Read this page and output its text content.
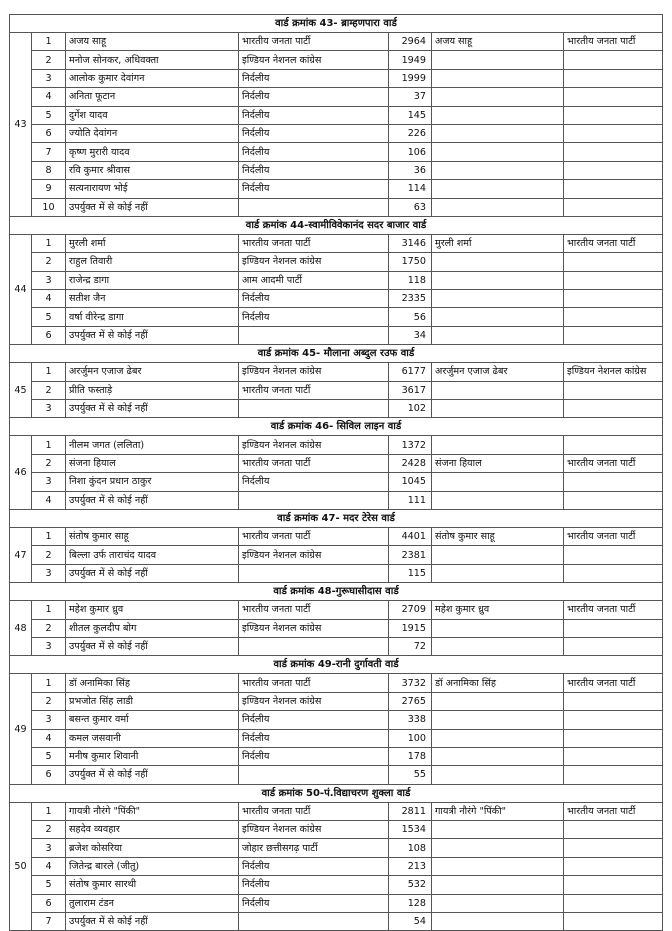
वार्ड क्रमांक 43- ब्राम्हणपारा वार्ड						
43	1	अजय साहू	भारतीय जनता पार्टी	2964	अजय साहू	भारतीय जनता पार्टी
	2	मनोज सोनकर, अधिवक्ता	इण्डियन नेशनल कांग्रेस	1949		
	3	आलोक कुमार देवांगन	निर्दलीय	1999		
	4	अनिता फूटान	निर्दलीय	37		
	5	दुर्गेश यादव	निर्दलीय	145		
	6	ज्योति देवांगन	निर्दलीय	226		
	7	कृष्ण मुरारी यादव	निर्दलीय	106		
	8	रवि कुमार श्रीवास	निर्दलीय	36		
	9	सत्यनारायण भोई	निर्दलीय	114		
	10	उपर्युक्त में से कोई नहीं		63		
वार्ड क्रमांक 44-स्वामीविवेकानंद सदर बाजार वार्ड						
44	1	मुरली शर्मा	भारतीय जनता पार्टी	3146	मुरली शर्मा	भारतीय जनता पार्टी
	2	राहुल तिवारी	इण्डियन नेशनल कांग्रेस	1750		
	3	राजेन्द्र डागा	आम आदमी पार्टी	118		
	4	सतीश जैन	निर्दलीय	2335		
	5	वर्षा वीरेन्द्र डागा	निर्दलीय	56		
	6	उपर्युक्त में से कोई नहीं		34		
वार्ड क्रमांक 45- मौलाना अब्दुल रउफ वार्ड						
45	1	अरर्जुमन एजाज ढेबर	इण्डियन नेशनल कांग्रेस	6177	अरर्जुमन एजाज ढेबर	इण्डियन नेशनल कांग्रेस
	2	प्रीति फस्ताड़े	भारतीय जनता पार्टी	3617		
	3	उपर्युक्त में से कोई नहीं		102		
वार्ड क्रमांक 46- सिविल लाइन वार्ड						
46	1	नीलम जगत (ललिता)	इण्डियन नेशनल कांग्रेस	1372		
	2	संजना हियाल	भारतीय जनता पार्टी	2428	संजना हियाल	भारतीय जनता पार्टी
	3	निशा कुंदन प्रधान ठाकुर	निर्दलीय	1045		
	4	उपर्युक्त में से कोई नहीं		111		
वार्ड क्रमांक 47- मदर टेरेस वार्ड						
47	1	संतोष कुमार साहू	भारतीय जनता पार्टी	4401	संतोष कुमार साहू	भारतीय जनता पार्टी
	2	बिल्ला उर्फ ताराचंद यादव	इण्डियन नेशनल कांग्रेस	2381		
	3	उपर्युक्त में से कोई नहीं		115		
वार्ड क्रमांक 48-गुरूघासीदास वार्ड						
48	1	महेश कुमार ध्रुव	भारतीय जनता पार्टी	2709	महेश कुमार ध्रुव	भारतीय जनता पार्टी
	2	शीतल कुलदीप बोग	इण्डियन नेशनल कांग्रेस	1915		
	3	उपर्युक्त में से कोई नहीं		72		
वार्ड क्रमांक 49-रानी दुर्गावती वार्ड						
49	1	डॉ अनामिका सिंह	भारतीय जनता पार्टी	3732	डॉ अनामिका सिंह	भारतीय जनता पार्टी
	2	प्रभजोत सिंह लाडी	इण्डियन नेशनल कांग्रेस	2765		
	3	बसन्त कुमार वर्मा	निर्दलीय	338		
	4	कमल जसवानी	निर्दलीय	100		
	5	मनीष कुमार शिवानी	निर्दलीय	178		
	6	उपर्युक्त में से कोई नहीं		55		
वार्ड क्रमांक 50-पं.विद्याचरण शुक्ला वार्ड						
50	1	गायत्री नौरंगे "पिंकी"	भारतीय जनता पार्टी	2811	गायत्री नौरंगे "पिंकी"	भारतीय जनता पार्टी
	2	सहदेव व्यवहार	इण्डियन नेशनल कांग्रेस	1534		
	3	ब्रजेश कोसरिया	जोहार छत्तीसगढ़ पार्टी	108		
	4	जितेन्द्र बारले (जीतु)	निर्दलीय	213		
	5	संतोष कुमार सारथी	निर्दलीय	532		
	6	तुलाराम टंडन	निर्दलीय	128		
	7	उपर्युक्त में से कोई नहीं		54		
